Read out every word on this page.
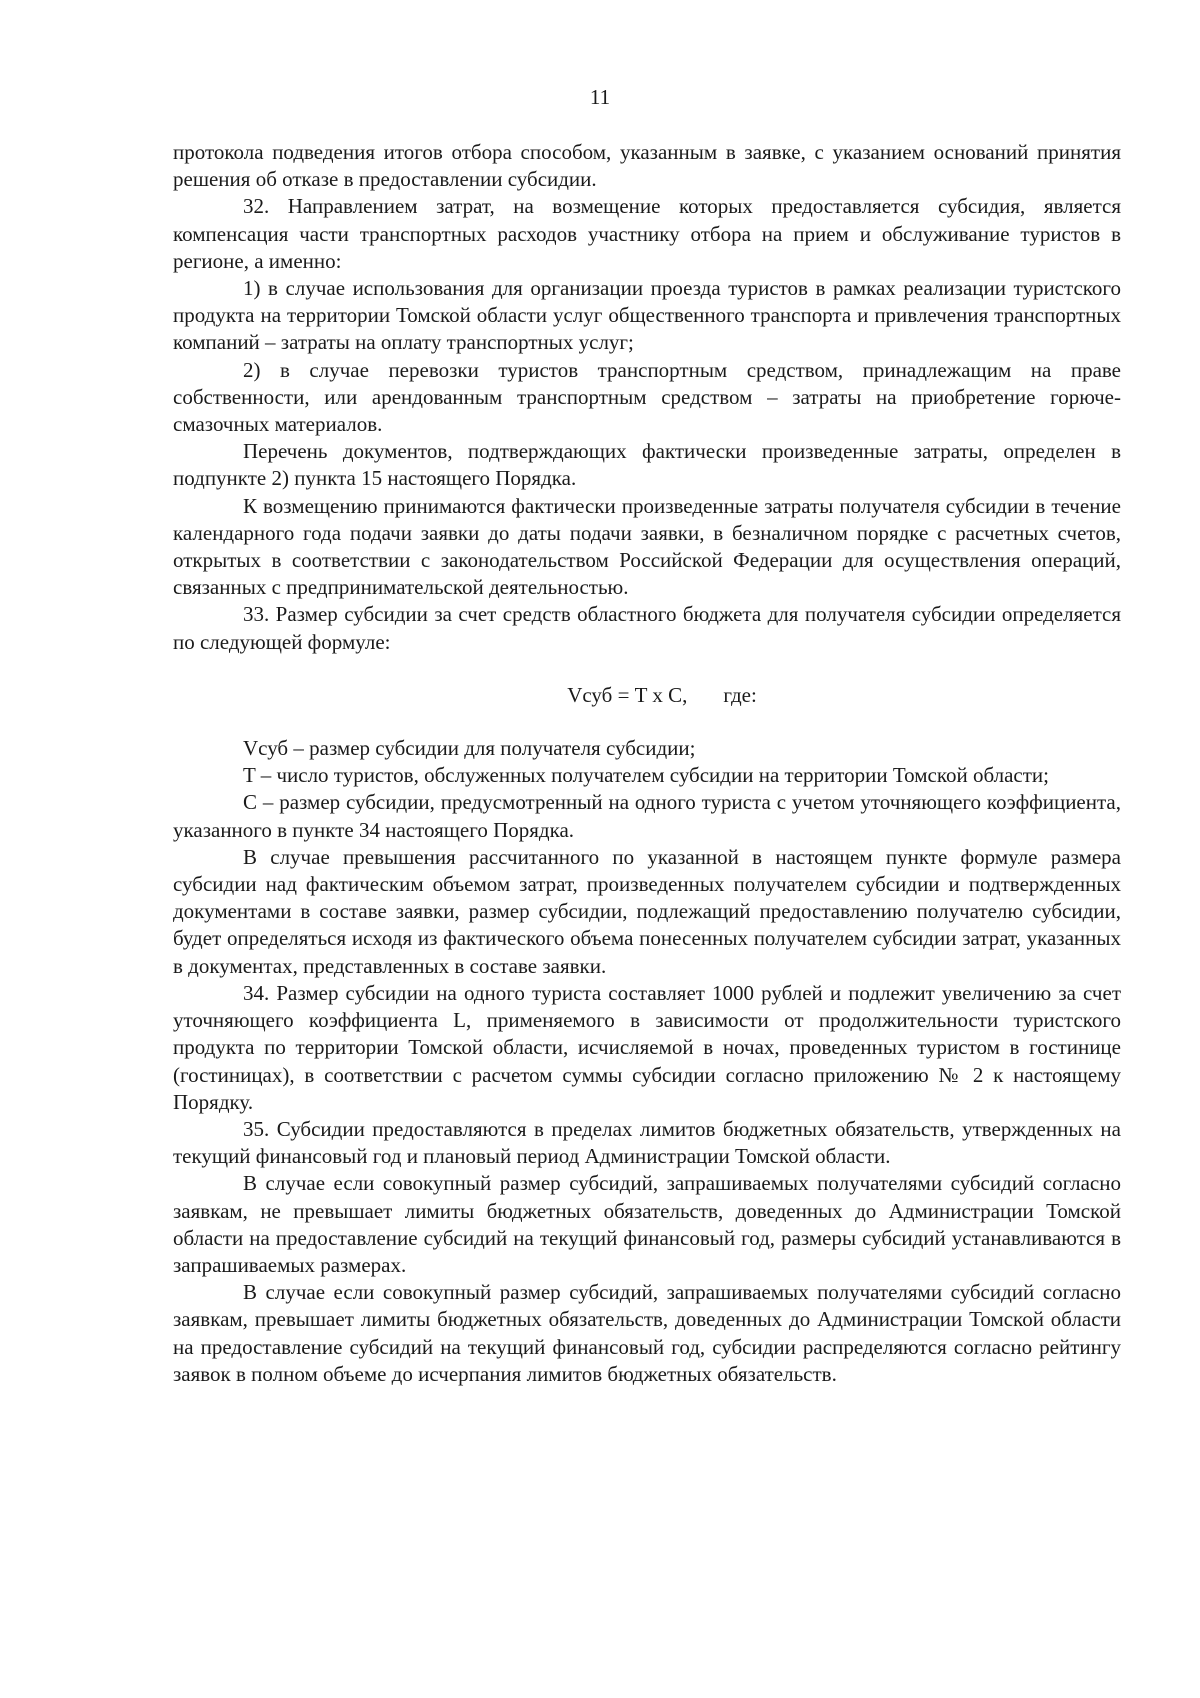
11

протокола подведения итогов отбора способом, указанным в заявке, с указанием оснований принятия решения об отказе в предоставлении субсидии.

32. Направлением затрат, на возмещение которых предоставляется субсидия, является компенсация части транспортных расходов участнику отбора на прием и обслуживание туристов в регионе, а именно:

1) в случае использования для организации проезда туристов в рамках реализации туристского продукта на территории Томской области услуг общественного транспорта и привлечения транспортных компаний – затраты на оплату транспортных услуг;

2) в случае перевозки туристов транспортным средством, принадлежащим на праве собственности, или арендованным транспортным средством – затраты на приобретение горюче-смазочных материалов.

Перечень документов, подтверждающих фактически произведенные затраты, определен в подпункте 2) пункта 15 настоящего Порядка.

К возмещению принимаются фактически произведенные затраты получателя субсидии в течение календарного года подачи заявки до даты подачи заявки, в безналичном порядке с расчетных счетов, открытых в соответствии с законодательством Российской Федерации для осуществления операций, связанных с предпринимательской деятельностью.

33. Размер субсидии за счет средств областного бюджета для получателя субсидии определяется по следующей формуле:

Vсуб = T x C, где:

Vсуб – размер субсидии для получателя субсидии;

T – число туристов, обслуженных получателем субсидии на территории Томской области;

C – размер субсидии, предусмотренный на одного туриста с учетом уточняющего коэффициента, указанного в пункте 34 настоящего Порядка.

В случае превышения рассчитанного по указанной в настоящем пункте формуле размера субсидии над фактическим объемом затрат, произведенных получателем субсидии и подтвержденных документами в составе заявки, размер субсидии, подлежащий предоставлению получателю субсидии, будет определяться исходя из фактического объема понесенных получателем субсидии затрат, указанных в документах, представленных в составе заявки.

34. Размер субсидии на одного туриста составляет 1000 рублей и подлежит увеличению за счет уточняющего коэффициента L, применяемого в зависимости от продолжительности туристского продукта по территории Томской области, исчисляемой в ночах, проведенных туристом в гостинице (гостиницах), в соответствии с расчетом суммы субсидии согласно приложению № 2 к настоящему Порядку.

35. Субсидии предоставляются в пределах лимитов бюджетных обязательств, утвержденных на текущий финансовый год и плановый период Администрации Томской области.

В случае если совокупный размер субсидий, запрашиваемых получателями субсидий согласно заявкам, не превышает лимиты бюджетных обязательств, доведенных до Администрации Томской области на предоставление субсидий на текущий финансовый год, размеры субсидий устанавливаются в запрашиваемых размерах.

В случае если совокупный размер субсидий, запрашиваемых получателями субсидий согласно заявкам, превышает лимиты бюджетных обязательств, доведенных до Администрации Томской области на предоставление субсидий на текущий финансовый год, субсидии распределяются согласно рейтингу заявок в полном объеме до исчерпания лимитов бюджетных обязательств.
